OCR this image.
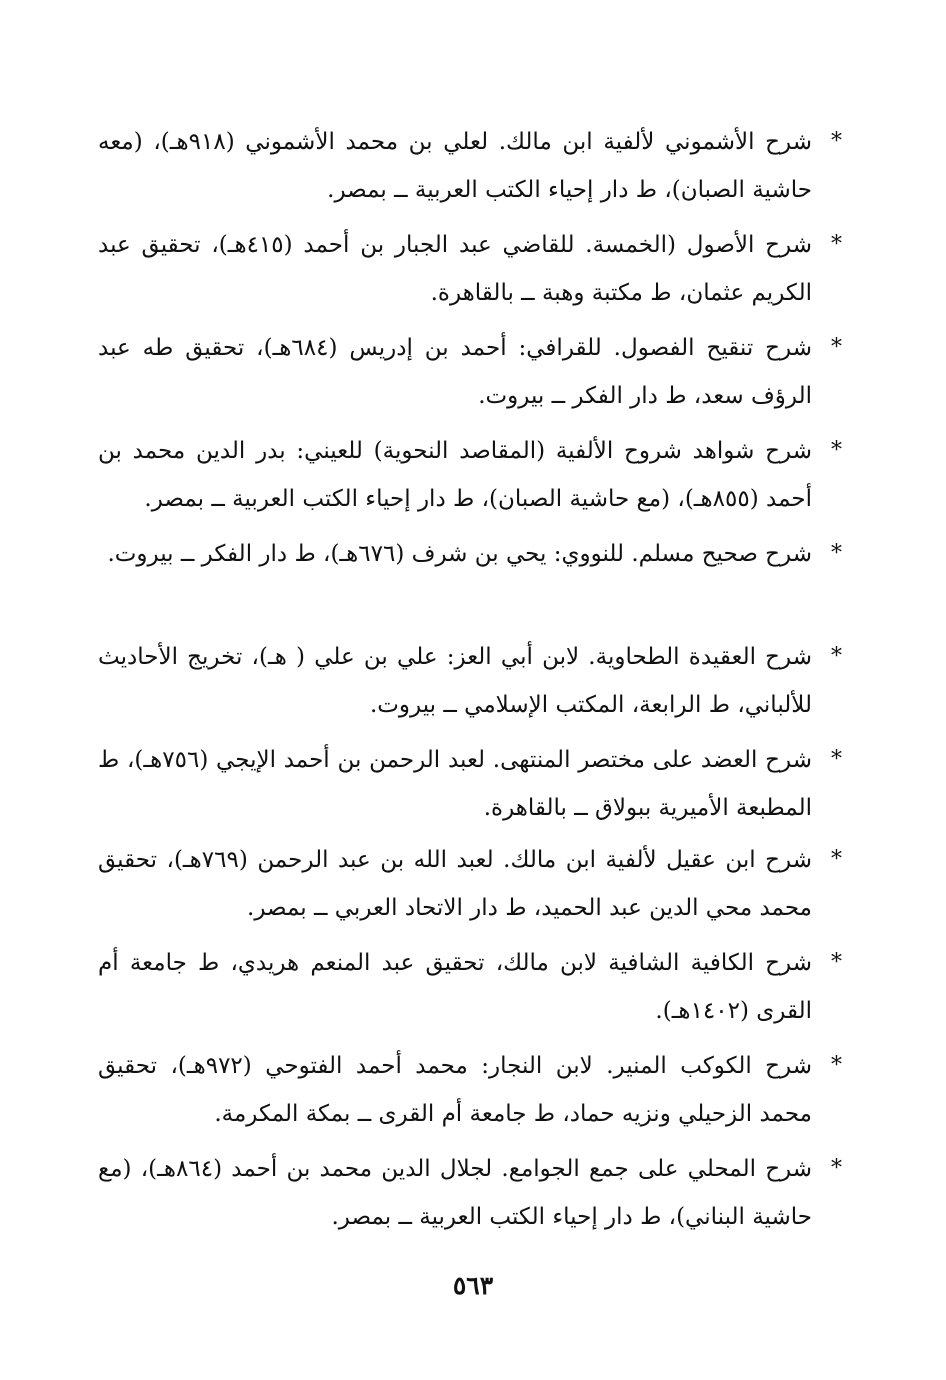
*
شرح الأشموني لألفية ابن مالك. لعلي بن محمد الأشموني (٩١٨هـ)، (معه حاشية الصبان)، ط دار إحياء الكتب العربية ــ بمصر.
*
شرح الأصول (الخمسة. للقاضي عبد الجبار بن أحمد (٤١٥هـ)، تحقيق عبد الكريم عثمان، ط مكتبة وهبة ــ بالقاهرة.
*
شرح تنقيح الفصول. للقرافي: أحمد بن إدريس (٦٨٤هـ)، تحقيق طه عبد الرؤف سعد، ط دار الفكر ــ بيروت.
*
شرح شواهد شروح الألفية (المقاصد النحوية) للعيني: بدر الدين محمد بن أحمد (٨٥٥هـ)، (مع حاشية الصبان)، ط دار إحياء الكتب العربية ــ بمصر.
*
شرح صحيح مسلم. للنووي: يحي بن شرف (٦٧٦هـ)، ط دار الفكر ــ بيروت.
*
شرح العقيدة الطحاوية. لابن أبي العز: علي بن علي ( هـ)، تخريج الأحاديث للألباني، ط الرابعة، المكتب الإسلامي ــ بيروت.
*
شرح العضد على مختصر المنتهى. لعبد الرحمن بن أحمد الإيجي (٧٥٦هـ)، ط المطبعة الأميرية ببولاق ــ بالقاهرة.
*
شرح ابن عقيل لألفية ابن مالك. لعبد الله بن عبد الرحمن (٧٦٩هـ)، تحقيق محمد محي الدين عبد الحميد، ط دار الاتحاد العربي ــ بمصر.
*
شرح الكافية الشافية لابن مالك، تحقيق عبد المنعم هريدي، ط جامعة أم القرى (١٤٠٢هـ).
*
شرح الكوكب المنير. لابن النجار: محمد أحمد الفتوحي (٩٧٢هـ)، تحقيق محمد الزحيلي ونزيه حماد، ط جامعة أم القرى ــ بمكة المكرمة.
*
شرح المحلي على جمع الجوامع. لجلال الدين محمد بن أحمد (٨٦٤هـ)، (مع حاشية البناني)، ط دار إحياء الكتب العربية ــ بمصر.
٥٦٣
